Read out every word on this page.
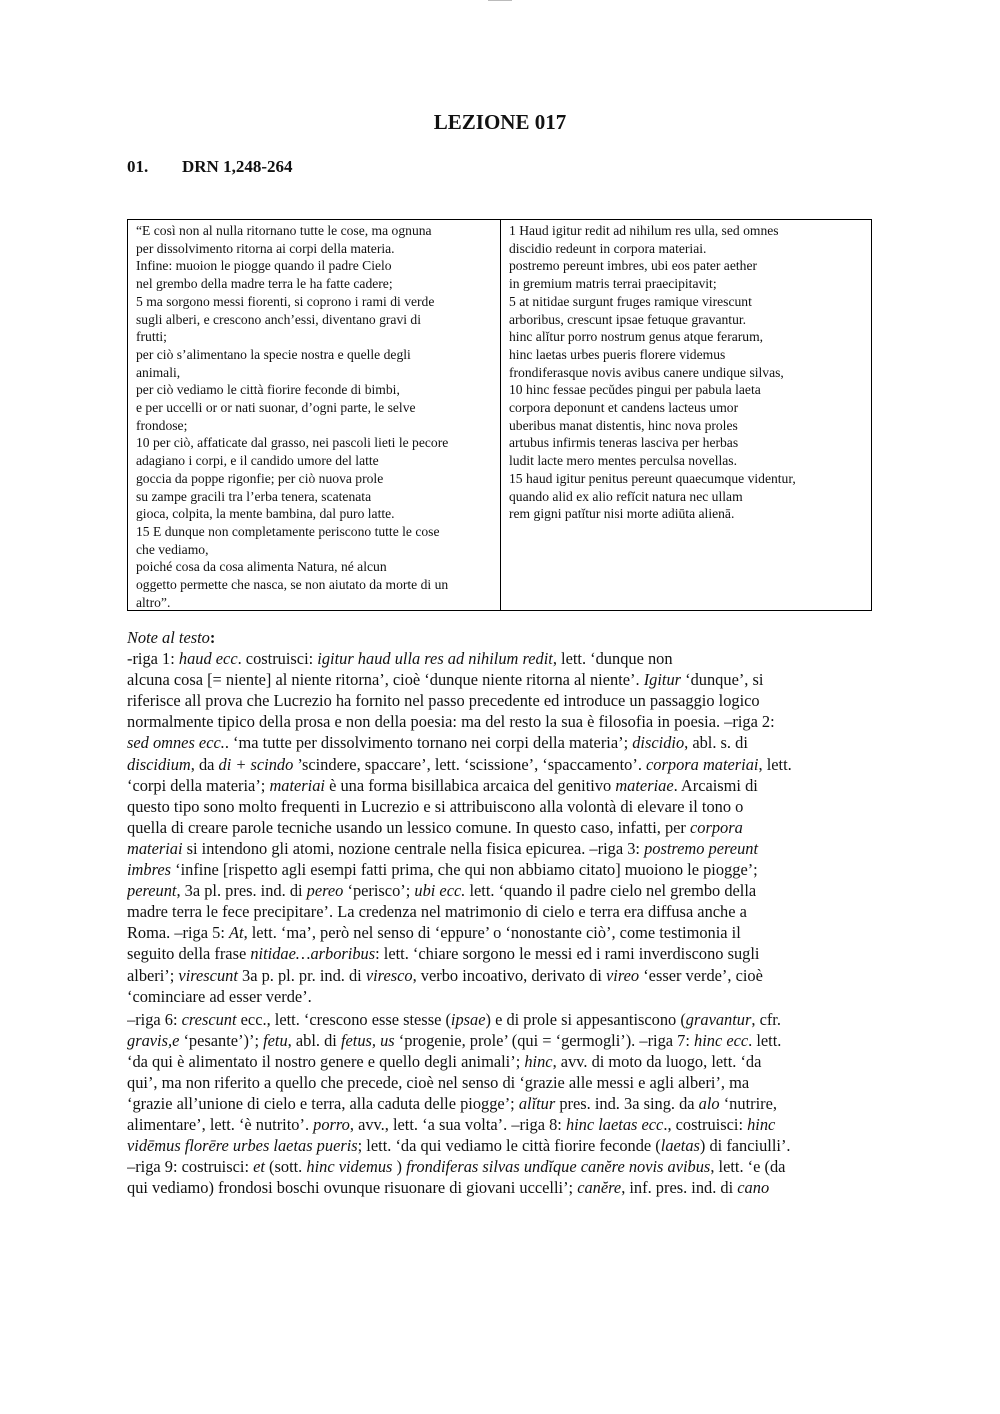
LEZIONE 017
01. DRN 1,248-264
“E così non al nulla ritornano tutte le cose, ma ognuna
per dissolvimento ritorna ai corpi della materia.
Infine: muoion le piogge quando il padre Cielo
nel grembo della madre terra le ha fatte cadere;
5 ma sorgono messi fiorenti, si coprono i rami di verde
sugli alberi, e crescono anch’essi, diventano gravi di
frutti;
per ciò s’alimentano la specie nostra e quelle degli
animali,
per ciò vediamo le città fiorire feconde di bimbi,
e per uccelli or or nati suonar, d’ogni parte, le selve
frondose;
10 per ciò, affaticate dal grasso, nei pascoli lieti le pecore
adagiano i corpi, e il candido umore del latte
goccia da poppe rigonfie; per ciò nuova prole
su zampe gracili tra l’erba tenera, scatenata
gioca, colpita, la mente bambina, dal puro latte.
15 E dunque non completamente periscono tutte le cose
che vediamo,
poiché cosa da cosa alimenta Natura, né alcun
oggetto permette che nasca, se non aiutato da morte di un
altro”.
1 Haud igitur redit ad nihilum res ulla, sed omnes
discidio redeunt in corpora materiai.
postremo pereunt imbres, ubi eos pater aether
in gremium matris terrai praecipitavit;
5 at nitidae surgunt fruges ramique virescunt
arboribus, crescunt ipsae fetuque gravantur.
hinc alĭtur porro nostrum genus atque ferarum,
hinc laetas urbes pueris florere videmus
frondiferasque novis avibus canere undique silvas,
10 hinc fessae pecŭdes pingui per pabula laeta
corpora deponunt et candens lacteus umor
uberibus manat distentis, hinc nova proles
artubus infirmis teneras lasciva per herbas
ludit lacte mero mentes perculsa novellas.
15 haud igitur penitus pereunt quaecumque videntur,
quando alid ex alio refĭcit natura nec ullam
rem gigni patĭtur nisi morte adiūta alienā.
Note al testo:
-riga 1: haud ecc. costruisci: igitur haud ulla res ad nihilum redit, lett. ‘dunque non
alcuna cosa [= niente] al niente ritorna’, cioè ‘dunque niente ritorna al niente’. Igitur ‘dunque’, si
riferisce all prova che Lucrezio ha fornito nel passo precedente ed introduce un passaggio logico
normalmente tipico della prosa e non della poesia: ma del resto la sua è filosofia in poesia. –riga 2:
sed omnes ecc.. ‘ma tutte per dissolvimento tornano nei corpi della materia’; discidio, abl. s. di
discidium, da di + scindo ’scindere, spaccare’, lett. ‘scissione’, ‘spaccamento’. corpora materiai, lett.
‘corpi della materia’; materiai è una forma bisillabica arcaica del genitivo materiae. Arcaismi di
questo tipo sono molto frequenti in Lucrezio e si attribuiscono alla volontà di elevare il tono o
quella di creare parole tecniche usando un lessico comune. In questo caso, infatti, per corpora
materiai si intendono gli atomi, nozione centrale nella fisica epicurea. –riga 3: postremo pereunt
imbres ‘infine [rispetto agli esempi fatti prima, che qui non abbiamo citato] muoiono le piogge’;
pereunt, 3a pl. pres. ind. di pereo ‘perisco’; ubi ecc. lett. ‘quando il padre cielo nel grembo della
madre terra le fece precipitare’. La credenza nel matrimonio di cielo e terra era diffusa anche a
Roma. –riga 5: At, lett. ‘ma’, però nel senso di ‘eppure’ o ‘nonostante ciò’, come testimonia il
seguito della frase nitidae…arboribus: lett. ‘chiare sorgono le messi ed i rami inverdiscono sugli
alberi’; virescunt 3a p. pl. pr. ind. di viresco, verbo incoativo, derivato di vireo ‘esser verde’, cioè
‘cominciare ad esser verde’.
–riga 6: crescunt ecc., lett. ‘crescono esse stesse (ipsae) e di prole si appesantiscono (gravantur, cfr.
gravis,e ‘pesante’)’; fetu, abl. di fetus, us ‘progenie, prole’ (qui = ‘germogli’). –riga 7: hinc ecc. lett.
‘da qui è alimentato il nostro genere e quello degli animali’; hinc, avv. di moto da luogo, lett. ‘da
qui’, ma non riferito a quello che precede, cioè nel senso di ‘grazie alle messi e agli alberi’, ma
‘grazie all’unione di cielo e terra, alla caduta delle piogge’; alĭtur pres. ind. 3a sing. da alo ‘nutrire,
alimentare’, lett. ‘è nutrito’. porro, avv., lett. ‘a sua volta’. –riga 8: hinc laetas ecc., costruisci: hinc
vidēmus florēre urbes laetas pueris; lett. ‘da qui vediamo le città fiorire feconde (laetas) di fanciulli’.
–riga 9: costruisci: et (sott. hinc videmus ) frondiferas silvas undĭque canĕre novis avibus, lett. ‘e (da
qui vediamo) frondosi boschi ovunque risuonare di giovani uccelli’; canĕre, inf. pres. ind. di cano
